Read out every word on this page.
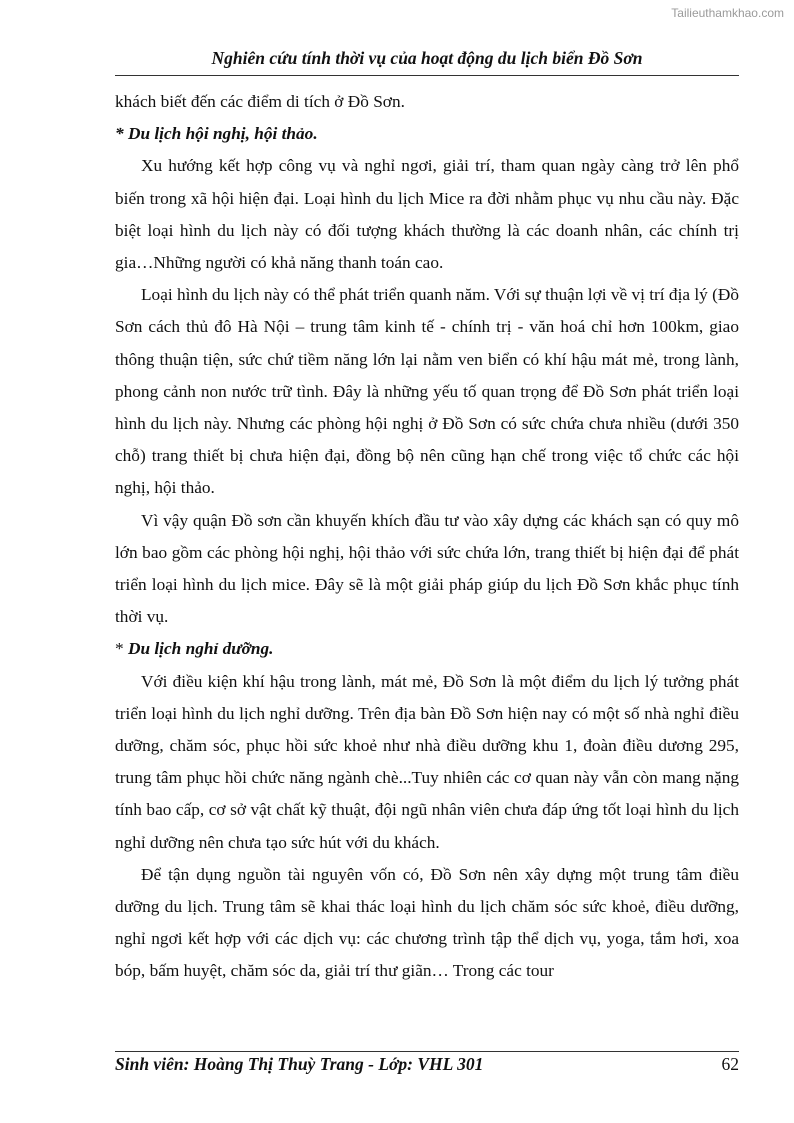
Tailieuthamkhao.com
Nghiên cứu tính thời vụ của hoạt động du lịch biển Đồ Sơn

khách biết đến các điểm di tích ở Đồ Sơn.

* Du lịch hội nghị, hội thảo.

Xu hướng kết hợp công vụ và nghỉ ngơi, giải trí, tham quan ngày càng trở lên phổ biến trong xã hội hiện đại. Loại hình du lịch Mice ra đời nhằm phục vụ nhu cầu này. Đặc biệt loại hình du lịch này có đối tượng khách thường là các doanh nhân, các chính trị gia…Những người có khả năng thanh toán cao.

Loại hình du lịch này có thể phát triển quanh năm. Với sự thuận lợi về vị trí địa lý (Đồ Sơn cách thủ đô Hà Nội – trung tâm kinh tế - chính trị - văn hoá chỉ hơn 100km, giao thông thuận tiện, sức chứ tiềm năng lớn lại nằm ven biển có khí hậu mát mẻ, trong lành, phong cảnh non nước trữ tình. Đây là những yếu tố quan trọng để Đồ Sơn phát triển loại hình du lịch này. Nhưng các phòng hội nghị ở Đồ Sơn có sức chứa chưa nhiều (dưới 350 chỗ) trang thiết bị chưa hiện đại, đồng bộ nên cũng hạn chế trong việc tổ chức các hội nghị, hội thảo.

Vì vậy quận Đồ sơn cần khuyến khích đầu tư vào xây dựng các khách sạn có quy mô lớn bao gồm các phòng hội nghị, hội thảo với sức chứa lớn, trang thiết bị hiện đại để phát triển loại hình du lịch mice. Đây sẽ là một giải pháp giúp du lịch Đồ Sơn khắc phục tính thời vụ.

* Du lịch nghỉ dưỡng.

Với điều kiện khí hậu trong lành, mát mẻ, Đồ Sơn là một điểm du lịch lý tưởng phát triển loại hình du lịch nghỉ dưỡng. Trên địa bàn Đồ Sơn hiện nay có một số nhà nghỉ điều dưỡng, chăm sóc, phục hồi sức khoẻ như nhà điều dưỡng khu 1, đoàn điều dương 295, trung tâm phục hồi chức năng ngành chè...Tuy nhiên các cơ quan này vẫn còn mang nặng tính bao cấp, cơ sở vật chất kỹ thuật, đội ngũ nhân viên chưa đáp ứng tốt loại hình du lịch nghỉ dưỡng nên chưa tạo sức hút với du khách.

Để tận dụng nguồn tài nguyên vốn có, Đồ Sơn nên xây dựng một trung tâm điều dưỡng du lịch. Trung tâm sẽ khai thác loại hình du lịch chăm sóc sức khoẻ, điều dưỡng, nghỉ ngơi kết hợp với các dịch vụ: các chương trình tập thể dịch vụ, yoga, tắm hơi, xoa bóp, bấm huyệt, chăm sóc da, giải trí thư giãn… Trong các tour

Sinh viên: Hoàng Thị Thuỳ Trang - Lớp: VHL 301	62
